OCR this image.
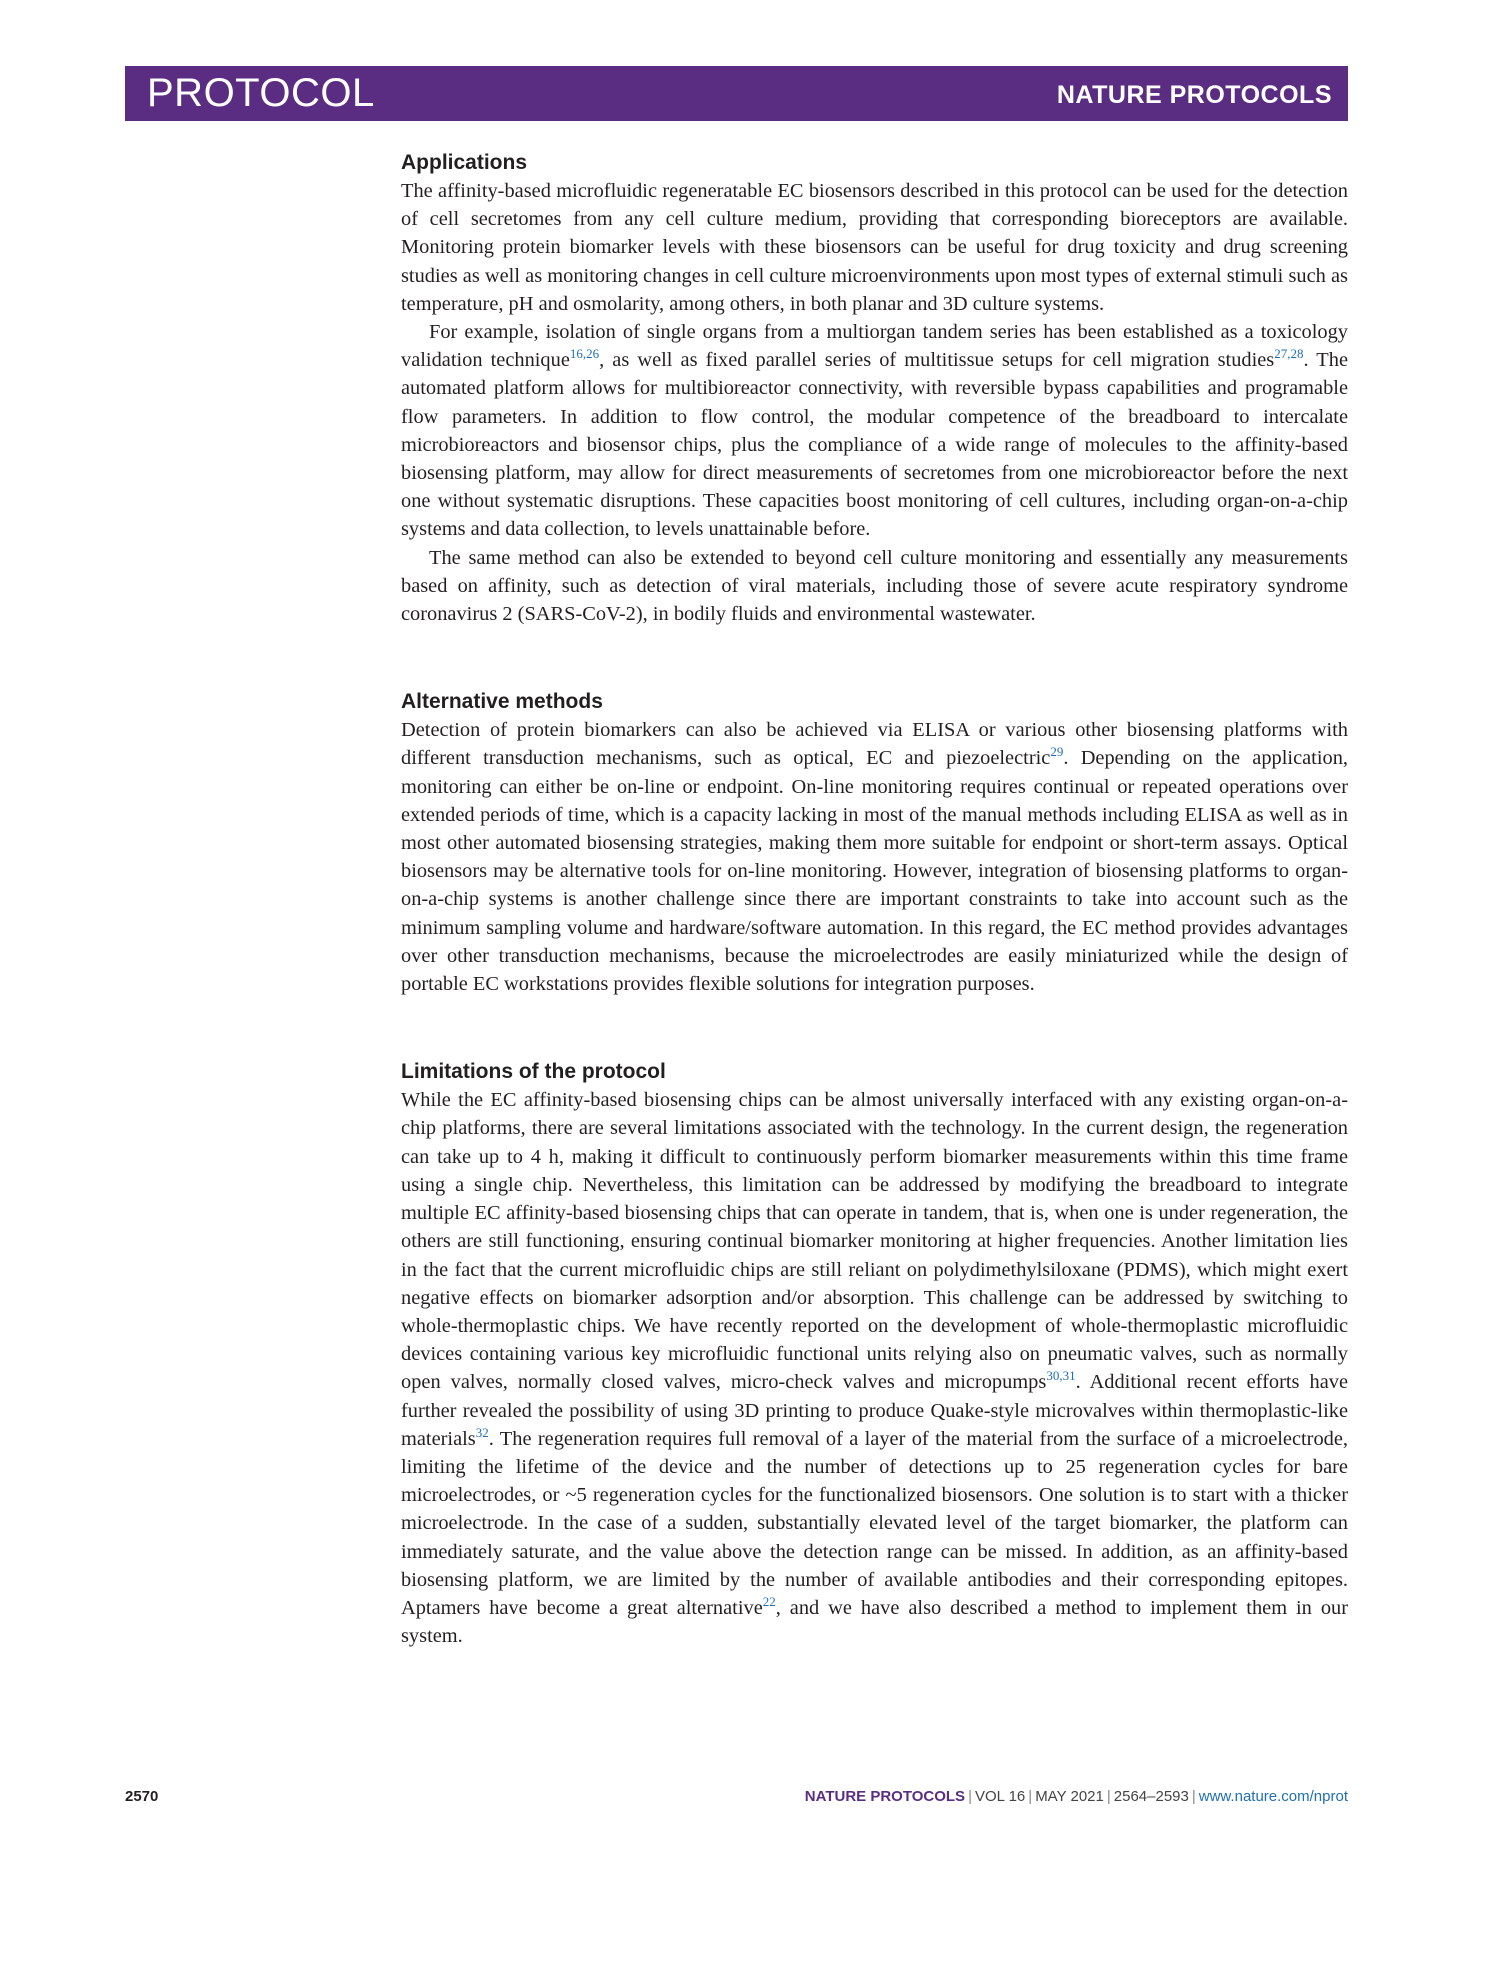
PROTOCOL	NATURE PROTOCOLS
Applications

The affinity-based microfluidic regeneratable EC biosensors described in this protocol can be used for the detection of cell secretomes from any cell culture medium, providing that corresponding bioreceptors are available. Monitoring protein biomarker levels with these biosensors can be useful for drug toxicity and drug screening studies as well as monitoring changes in cell culture microenvironments upon most types of external stimuli such as temperature, pH and osmolarity, among others, in both planar and 3D culture systems.

For example, isolation of single organs from a multiorgan tandem series has been established as a toxicology validation technique$^{16,26}$, as well as fixed parallel series of multitissue setups for cell migration studies$^{27,28}$. The automated platform allows for multibioreactor connectivity, with reversible bypass capabilities and programable flow parameters. In addition to flow control, the modular competence of the breadboard to intercalate microbioreactors and biosensor chips, plus the compliance of a wide range of molecules to the affinity-based biosensing platform, may allow for direct measurements of secretomes from one microbioreactor before the next one without systematic disruptions. These capacities boost monitoring of cell cultures, including organ-on-a-chip systems and data collection, to levels unattainable before.

The same method can also be extended to beyond cell culture monitoring and essentially any measurements based on affinity, such as detection of viral materials, including those of severe acute respiratory syndrome coronavirus 2 (SARS-CoV-2), in bodily fluids and environmental wastewater.

Alternative methods

Detection of protein biomarkers can also be achieved via ELISA or various other biosensing platforms with different transduction mechanisms, such as optical, EC and piezoelectric$^{29}$. Depending on the application, monitoring can either be on-line or endpoint. On-line monitoring requires continual or repeated operations over extended periods of time, which is a capacity lacking in most of the manual methods including ELISA as well as in most other automated biosensing strategies, making them more suitable for endpoint or short-term assays. Optical biosensors may be alternative tools for on-line monitoring. However, integration of biosensing platforms to organ-on-a-chip systems is another challenge since there are important constraints to take into account such as the minimum sampling volume and hardware/software automation. In this regard, the EC method provides advantages over other transduction mechanisms, because the microelectrodes are easily miniaturized while the design of portable EC workstations provides flexible solutions for integration purposes.

Limitations of the protocol

While the EC affinity-based biosensing chips can be almost universally interfaced with any existing organ-on-a-chip platforms, there are several limitations associated with the technology. In the current design, the regeneration can take up to 4 h, making it difficult to continuously perform biomarker measurements within this time frame using a single chip. Nevertheless, this limitation can be addressed by modifying the breadboard to integrate multiple EC affinity-based biosensing chips that can operate in tandem, that is, when one is under regeneration, the others are still functioning, ensuring continual biomarker monitoring at higher frequencies. Another limitation lies in the fact that the current microfluidic chips are still reliant on polydimethylsiloxane (PDMS), which might exert negative effects on biomarker adsorption and/or absorption. This challenge can be addressed by switching to whole-thermoplastic chips. We have recently reported on the development of whole-thermoplastic microfluidic devices containing various key microfluidic functional units relying also on pneumatic valves, such as normally open valves, normally closed valves, micro-check valves and micropumps$^{30,31}$. Additional recent efforts have further revealed the possibility of using 3D printing to produce Quake-style microvalves within thermoplastic-like materials$^{32}$. The regeneration requires full removal of a layer of the material from the surface of a microelectrode, limiting the lifetime of the device and the number of detections up to 25 regeneration cycles for bare microelectrodes, or ~5 regeneration cycles for the functionalized biosensors. One solution is to start with a thicker microelectrode. In the case of a sudden, substantially elevated level of the target biomarker, the platform can immediately saturate, and the value above the detection range can be missed. In addition, as an affinity-based biosensing platform, we are limited by the number of available antibodies and their corresponding epitopes. Aptamers have become a great alternative$^{22}$, and we have also described a method to implement them in our system.

2570	NATURE PROTOCOLS | VOL 16 | MAY 2021 | 2564–2593 | www.nature.com/nprot
